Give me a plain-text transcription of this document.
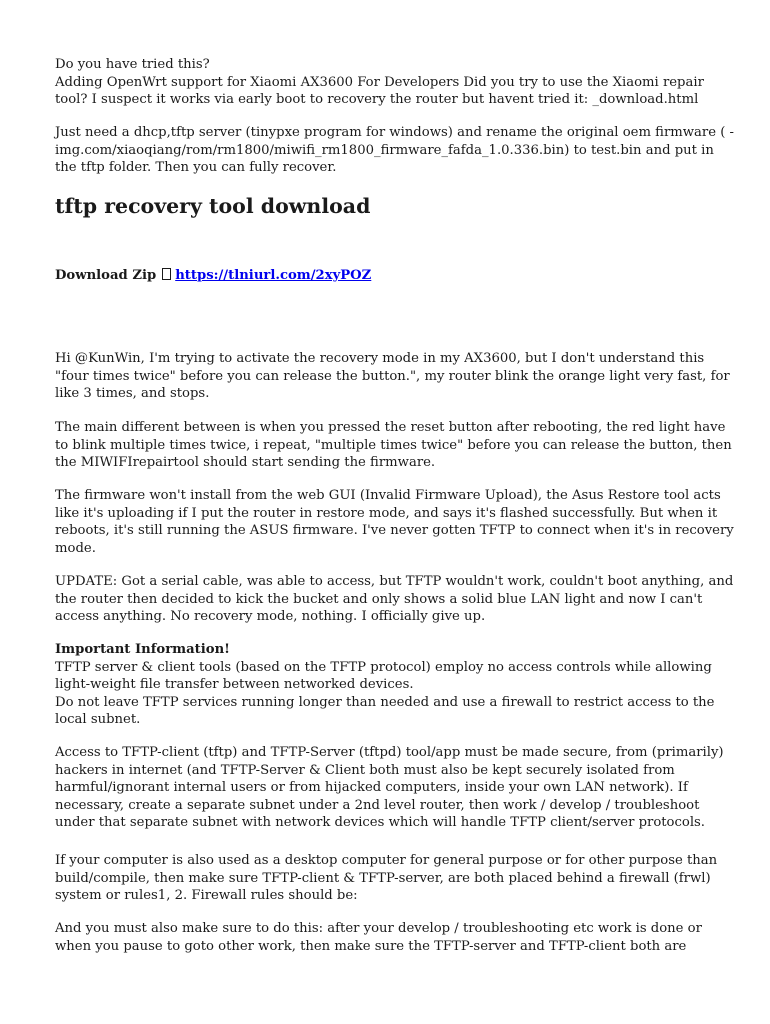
Do you have tried this?
Adding OpenWrt support for Xiaomi AX3600 For Developers Did you try to use the Xiaomi repair
tool? I suspect it works via early boot to recovery the router but havent tried it: _download.html

Just need a dhcp,tftp server (tinypxe program for windows) and rename the original oem firmware ( -
img.com/xiaoqiang/rom/rm1800/miwifi_rm1800_firmware_fafda_1.0.336.bin) to test.bin and put in
the tftp folder. Then you can fully recover.

tftp recovery tool download

Download Zip https://tlniurl.com/2xyPOZ

Hi @KunWin, I'm trying to activate the recovery mode in my AX3600, but I don't understand this
"four times twice" before you can release the button.", my router blink the orange light very fast, for
like 3 times, and stops.

The main different between is when you pressed the reset button after rebooting, the red light have
to blink multiple times twice, i repeat, "multiple times twice" before you can release the button, then
the MIWIFIrepairtool should start sending the firmware.

The firmware won't install from the web GUI (Invalid Firmware Upload), the Asus Restore tool acts
like it's uploading if I put the router in restore mode, and says it's flashed successfully. But when it
reboots, it's still running the ASUS firmware. I've never gotten TFTP to connect when it's in recovery
mode.

UPDATE: Got a serial cable, was able to access, but TFTP wouldn't work, couldn't boot anything, and
the router then decided to kick the bucket and only shows a solid blue LAN light and now I can't
access anything. No recovery mode, nothing. I officially give up.

Important Information!
TFTP server & client tools (based on the TFTP protocol) employ no access controls while allowing
light-weight file transfer between networked devices.
Do not leave TFTP services running longer than needed and use a firewall to restrict access to the
local subnet.

Access to TFTP-client (tftp) and TFTP-Server (tftpd) tool/app must be made secure, from (primarily)
hackers in internet (and TFTP-Server & Client both must also be kept securely isolated from
harmful/ignorant internal users or from hijacked computers, inside your own LAN network). If
necessary, create a separate subnet under a 2nd level router, then work / develop / troubleshoot
under that separate subnet with network devices which will handle TFTP client/server protocols.

If your computer is also used as a desktop computer for general purpose or for other purpose than
build/compile, then make sure TFTP-client & TFTP-server, are both placed behind a firewall (frwl)
system or rules1, 2. Firewall rules should be:

And you must also make sure to do this: after your develop / troubleshooting etc work is done or
when you pause to goto other work, then make sure the TFTP-server and TFTP-client both are
